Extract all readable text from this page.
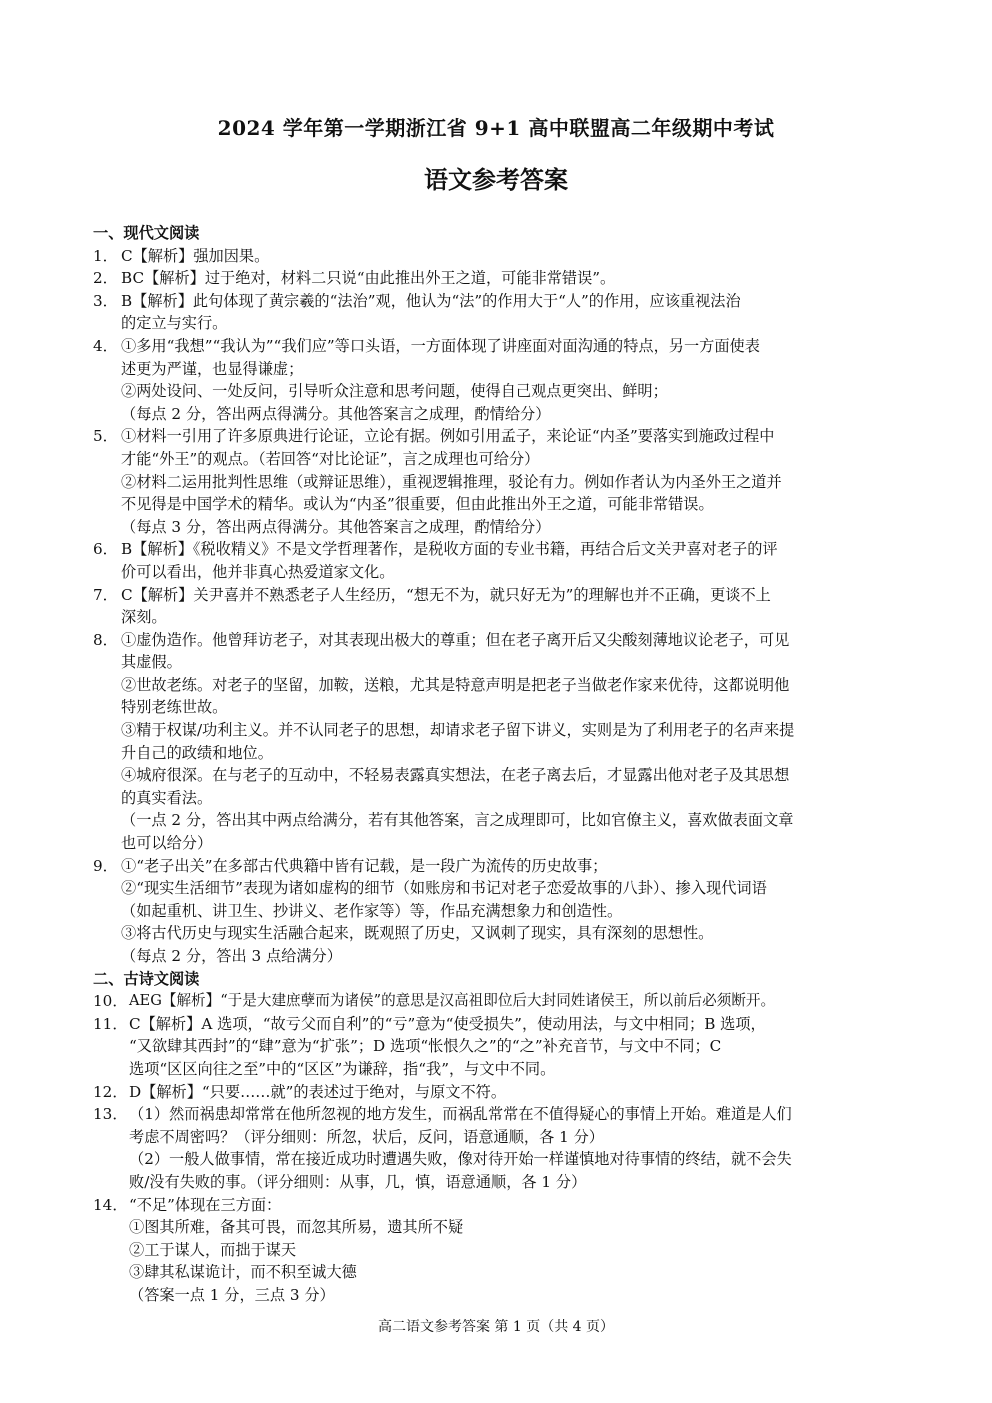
2024 学年第一学期浙江省 9+1 高中联盟高二年级期中考试
语文参考答案
一、现代文阅读
1． C【解析】强加因果。
2． BC【解析】过于绝对，材料二只说“由此推出外王之道，可能非常错误”。
3． B【解析】此句体现了黄宗羲的“法治”观，他认为“法”的作用大于“人”的作用，应该重视法治
的定立与实行。
4． ①多用“我想”“我认为”“我们应”等口头语，一方面体现了讲座面对面沟通的特点，另一方面使表
述更为严谨，也显得谦虚；
②两处设问、一处反问，引导听众注意和思考问题，使得自己观点更突出、鲜明；
（每点 2 分，答出两点得满分。其他答案言之成理，酌情给分）
5． ①材料一引用了许多原典进行论证，立论有据。例如引用孟子，来论证“内圣”要落实到施政过程中
才能“外王”的观点。（若回答“对比论证”，言之成理也可给分）
②材料二运用批判性思维（或辩证思维），重视逻辑推理，驳论有力。例如作者认为内圣外王之道并
不见得是中国学术的精华。或认为“内圣”很重要，但由此推出外王之道，可能非常错误。
（每点 3 分，答出两点得满分。其他答案言之成理，酌情给分）
6． B【解析】《税收精义》不是文学哲理著作，是税收方面的专业书籍，再结合后文关尹喜对老子的评
价可以看出，他并非真心热爱道家文化。
7． C【解析】关尹喜并不熟悉老子人生经历，“想无不为，就只好无为”的理解也并不正确，更谈不上
深刻。
8． ①虚伪造作。他曾拜访老子，对其表现出极大的尊重；但在老子离开后又尖酸刻薄地议论老子，可见
其虚假。
②世故老练。对老子的坚留，加鞍，送粮，尤其是特意声明是把老子当做老作家来优待，这都说明他
特别老练世故。
③精于权谋/功利主义。并不认同老子的思想，却请求老子留下讲义，实则是为了利用老子的名声来提
升自己的政绩和地位。
④城府很深。在与老子的互动中，不轻易表露真实想法，在老子离去后，才显露出他对老子及其思想
的真实看法。
（一点 2 分，答出其中两点给满分，若有其他答案，言之成理即可，比如官僚主义，喜欢做表面文章
也可以给分）
9． ①“老子出关”在多部古代典籍中皆有记载，是一段广为流传的历史故事；
②“现实生活细节”表现为诸如虚构的细节（如账房和书记对老子恋爱故事的八卦）、掺入现代词语
（如起重机、讲卫生、抄讲义、老作家等）等，作品充满想象力和创造性。
③将古代历史与现实生活融合起来，既观照了历史，又讽刺了现实，具有深刻的思想性。
（每点 2 分，答出 3 点给满分）
二、古诗文阅读
10． AEG【解析】“于是大建庶孽而为诸侯”的意思是汉高祖即位后大封同姓诸侯王，所以前后必须断开。
11． C【解析】A 选项，“故亏父而自利”的“亏”意为“使受损失”，使动用法，与文中相同；B 选项，
“又欲肆其西封”的“肆”意为“扩张”；D 选项“怅恨久之”的“之”补充音节，与文中不同；C
选项“区区向往之至”中的“区区”为谦辞，指“我”，与文中不同。
12． D【解析】“只要……就”的表述过于绝对，与原文不符。
13． （1）然而祸患却常常在他所忽视的地方发生，而祸乱常常在不值得疑心的事情上开始。难道是人们
考虑不周密吗？（评分细则：所忽，状后，反问，语意通顺，各 1 分）
（2）一般人做事情，常在接近成功时遭遇失败，像对待开始一样谨慎地对待事情的终结，就不会失
败/没有失败的事。（评分细则：从事，几，慎，语意通顺，各 1 分）
14． “不足”体现在三方面：
①图其所难，备其可畏，而忽其所易，遗其所不疑
②工于谋人，而拙于谋天
③肆其私谋诡计，而不积至诚大德
（答案一点 1 分，三点 3 分）
高二语文参考答案 第 1 页（共 4 页）
